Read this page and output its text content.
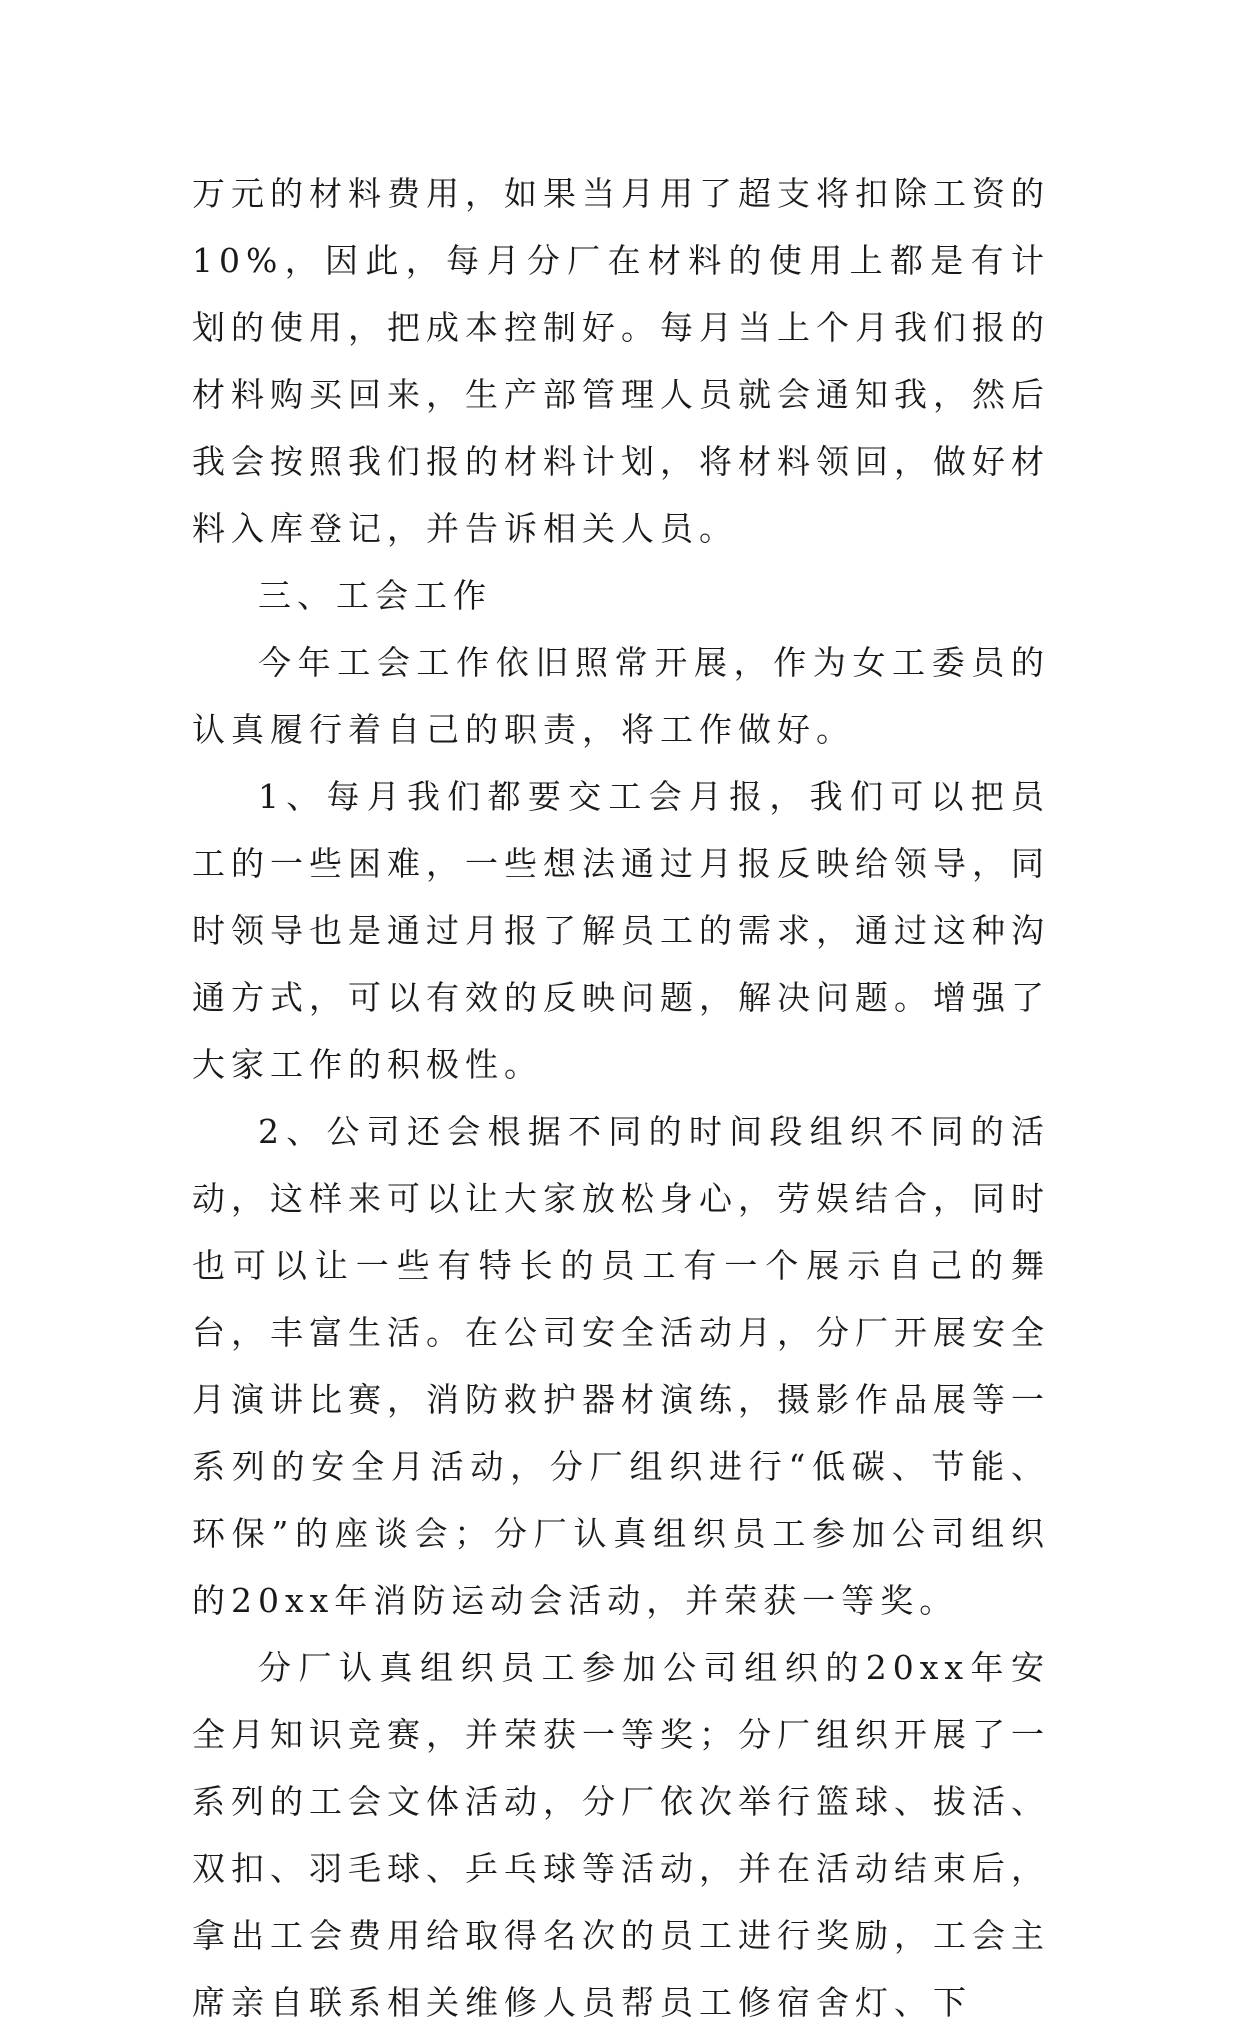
万元的材料费用，如果当月用了超支将扣除工资的10%，因此，每月分厂在材料的使用上都是有计划的使用，把成本控制好。每月当上个月我们报的材料购买回来，生产部管理人员就会通知我，然后我会按照我们报的材料计划，将材料领回，做好材料入库登记，并告诉相关人员。

三、工会工作

今年工会工作依旧照常开展，作为女工委员的认真履行着自己的职责，将工作做好。

1、每月我们都要交工会月报，我们可以把员工的一些困难，一些想法通过月报反映给领导，同时领导也是通过月报了解员工的需求，通过这种沟通方式，可以有效的反映问题，解决问题。增强了大家工作的积极性。

2、公司还会根据不同的时间段组织不同的活动，这样来可以让大家放松身心，劳娱结合，同时也可以让一些有特长的员工有一个展示自己的舞台，丰富生活。在公司安全活动月，分厂开展安全月演讲比赛，消防救护器材演练，摄影作品展等一系列的安全月活动，分厂组织进行“低碳、节能、环保”的座谈会；分厂认真组织员工参加公司组织的20xx年消防运动会活动，并荣获一等奖。

分厂认真组织员工参加公司组织的20xx年安全月知识竞赛，并荣获一等奖；分厂组织开展了一系列的工会文体活动，分厂依次举行篮球、拔活、双扣、羽毛球、乒乓球等活动，并在活动结束后，拿出工会费用给取得名次的员工进行奖励，工会主席亲自联系相关维修人员帮员工修宿舍灯、下
